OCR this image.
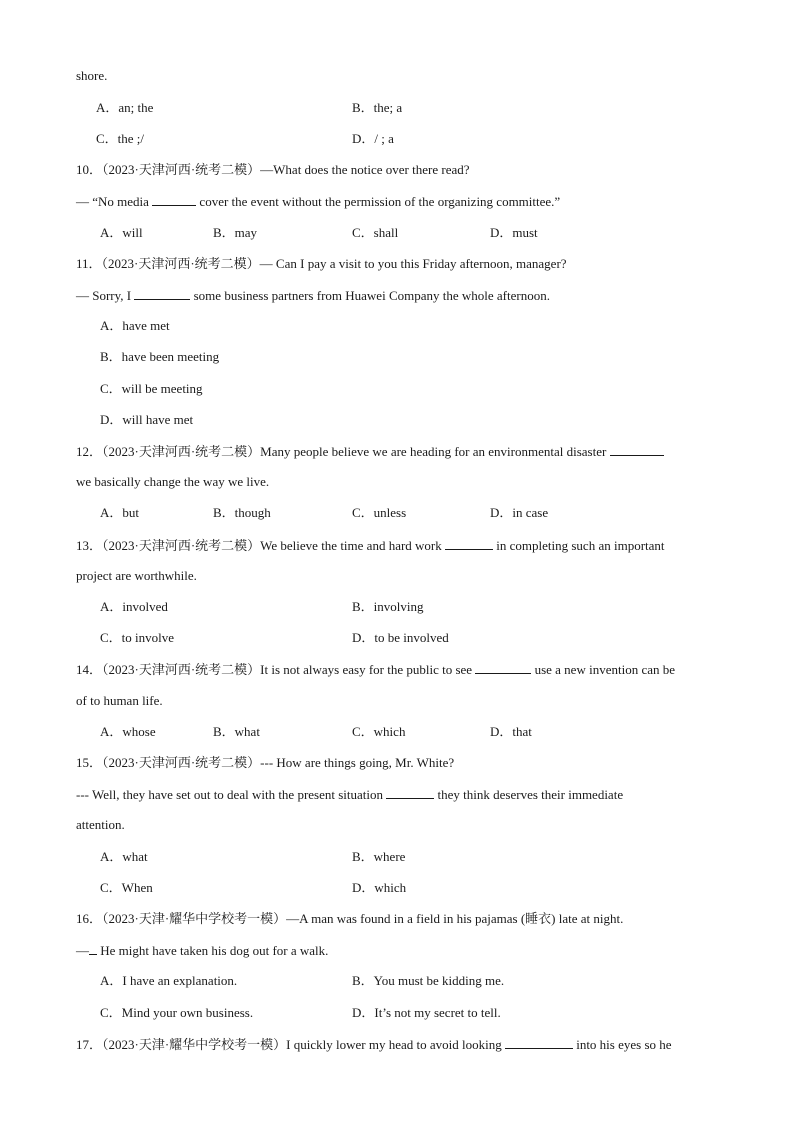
shore.
A．an; the	B．the; a
C．the ;/	D．/ ; a
10．（2023·天津河西·统考二模）—What does the notice over there read?
— “No media	cover the event without the permission of the organizing committee.”
A．will	B．may	C．shall	D．must
11．（2023·天津河西·统考二模）— Can I pay a visit to you this Friday afternoon, manager?
— Sorry, I	some business partners from Huawei Company the whole afternoon.
A．have met
B．have been meeting
C．will be meeting
D．will have met
12．（2023·天津河西·统考二模）Many people believe we are heading for an environmental disaster
we basically change the way we live.
A．but	B．though	C．unless	D．in case
13．（2023·天津河西·统考二模）We believe the time and hard work	in completing such an important
project are worthwhile.
A．involved	B．involving
C．to involve	D．to be involved
14．（2023·天津河西·统考二模）It is not always easy for the public to see	use a new invention can be
of to human life.
A．whose	B．what	C．which	D．that
15．（2023·天津河西·统考二模）--- How are things going, Mr. White?
--- Well, they have set out to deal with the present situation	they think deserves their immediate
attention.
A．what	B．where
C．When	D．which
16．（2023·天津·耀华中学校考一模）—A man was found in a field in his pajamas (睡衣) late at night.
— He might have taken his dog out for a walk.
A．I have an explanation.	B．You must be kidding me.
C．Mind your own business.	D．It’s not my secret to tell.
17．（2023·天津·耀华中学校考一模）I quickly lower my head to avoid looking	into his eyes so he
